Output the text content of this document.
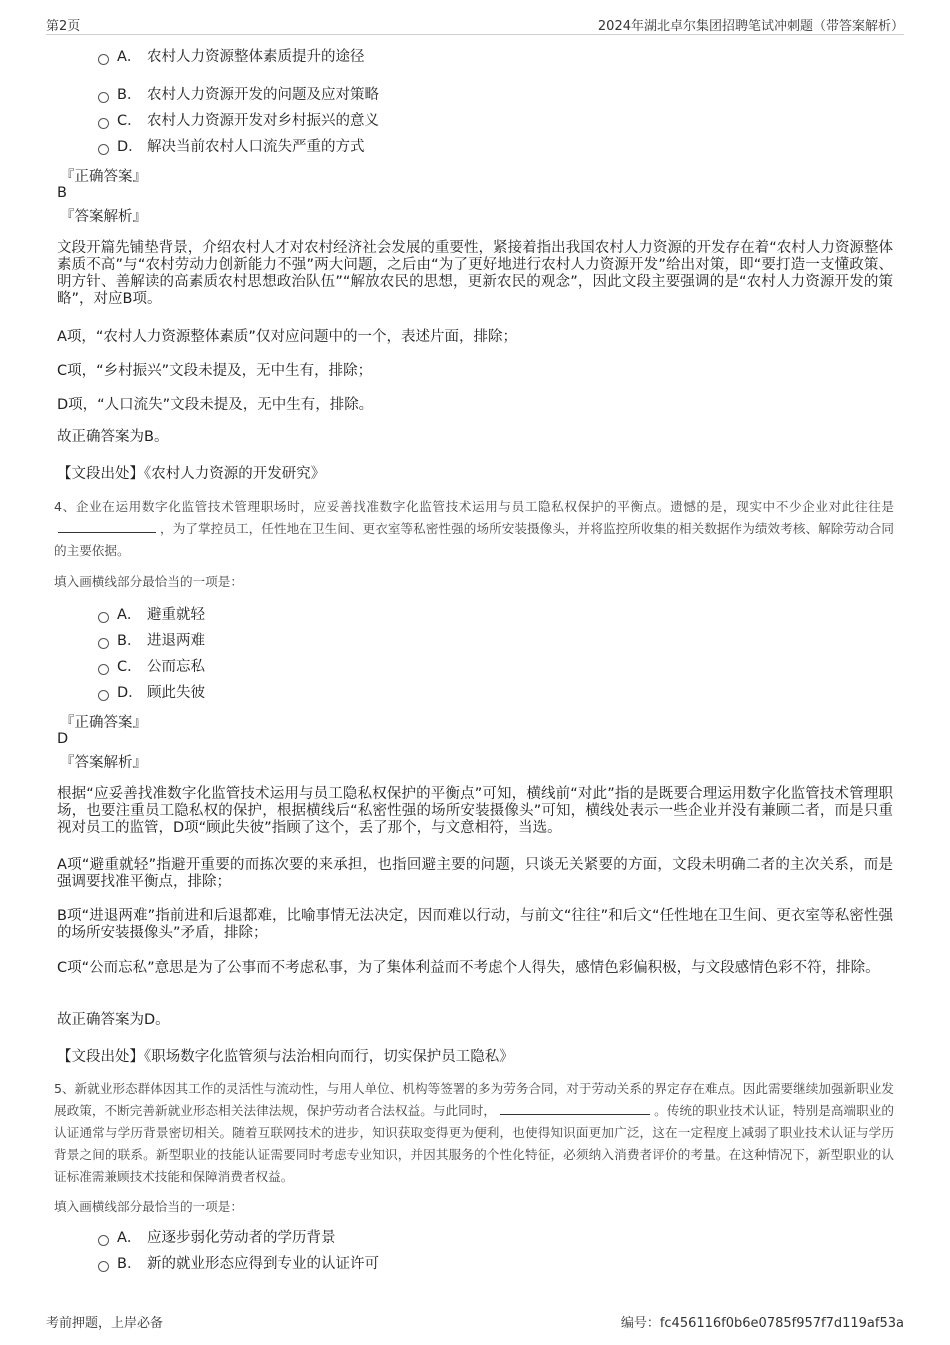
第2页	2024年湖北卓尔集团招聘笔试冲刺题（带答案解析）
A． 农村人力资源整体素质提升的途径
B． 农村人力资源开发的问题及应对策略
C． 农村人力资源开发对乡村振兴的意义
D． 解决当前农村人口流失严重的方式
『正确答案』
B
『答案解析』
文段开篇先铺垫背景，介绍农村人才对农村经济社会发展的重要性，紧接着指出我国农村人力资源的开发存在着“农村人力资源整体素质不高”与“农村劳动力创新能力不强”两大问题，之后由“为了更好地进行农村人力资源开发”给出对策，即“要打造一支懂政策、明方针、善解读的高素质农村思想政治队伍”“解放农民的思想，更新农民的观念”，因此文段主要强调的是“农村人力资源开发的策略”，对应B项。
A项，“农村人力资源整体素质”仅对应问题中的一个，表述片面，排除；
C项，“乡村振兴”文段未提及，无中生有，排除；
D项，“人口流失”文段未提及，无中生有，排除。
故正确答案为B。
【文段出处】《农村人力资源的开发研究》
4、企业在运用数字化监管技术管理职场时，应妥善找准数字化监管技术运用与员工隐私权保护的平衡点。遗憾的是，现实中不少企业对此往往是，为了掌控员工，任性地在卫生间、更衣室等私密性强的场所安装摄像头，并将监控所收集的相关数据作为绩效考核、解除劳动合同的主要依据。
填入画横线部分最恰当的一项是：
A． 避重就轻
B． 进退两难
C． 公而忘私
D． 顾此失彼
『正确答案』
D
『答案解析』
根据“应妥善找准数字化监管技术运用与员工隐私权保护的平衡点”可知，横线前“对此”指的是既要合理运用数字化监管技术管理职场，也要注重员工隐私权的保护，根据横线后“私密性强的场所安装摄像头”可知，横线处表示一些企业并没有兼顾二者，而是只重视对员工的监管，D项“顾此失彼”指顾了这个，丢了那个，与文意相符，当选。
A项“避重就轻”指避开重要的而拣次要的来承担，也指回避主要的问题，只谈无关紧要的方面，文段未明确二者的主次关系，而是强调要找准平衡点，排除；
B项“进退两难”指前进和后退都难，比喻事情无法决定，因而难以行动，与前文“往往”和后文“任性地在卫生间、更衣室等私密性强的场所安装摄像头”矛盾，排除；
C项“公而忘私”意思是为了公事而不考虑私事，为了集体利益而不考虑个人得失，感情色彩偏积极，与文段感情色彩不符，排除。
故正确答案为D。
【文段出处】《职场数字化监管须与法治相向而行，切实保护员工隐私》
5、新就业形态群体因其工作的灵活性与流动性，与用人单位、机构等签署的多为劳务合同，对于劳动关系的界定存在难点。因此需要继续加强新职业发展政策，不断完善新就业形态相关法律法规，保护劳动者合法权益。与此同时，	。传统的职业技术认证，特别是高端职业的认证通常与学历背景密切相关。随着互联网技术的进步，知识获取变得更为便利，也使得知识面更加广泛，这在一定程度上减弱了职业技术认证与学历背景之间的联系。新型职业的技能认证需要同时考虑专业知识，并因其服务的个性化特征，必须纳入消费者评价的考量。在这种情况下，新型职业的认证标准需兼顾技术技能和保障消费者权益。
填入画横线部分最恰当的一项是：
A． 应逐步弱化劳动者的学历背景
B． 新的就业形态应得到专业的认证许可
考前押题，上岸必备	编号：fc456116f0b6e0785f957f7d119af53a
